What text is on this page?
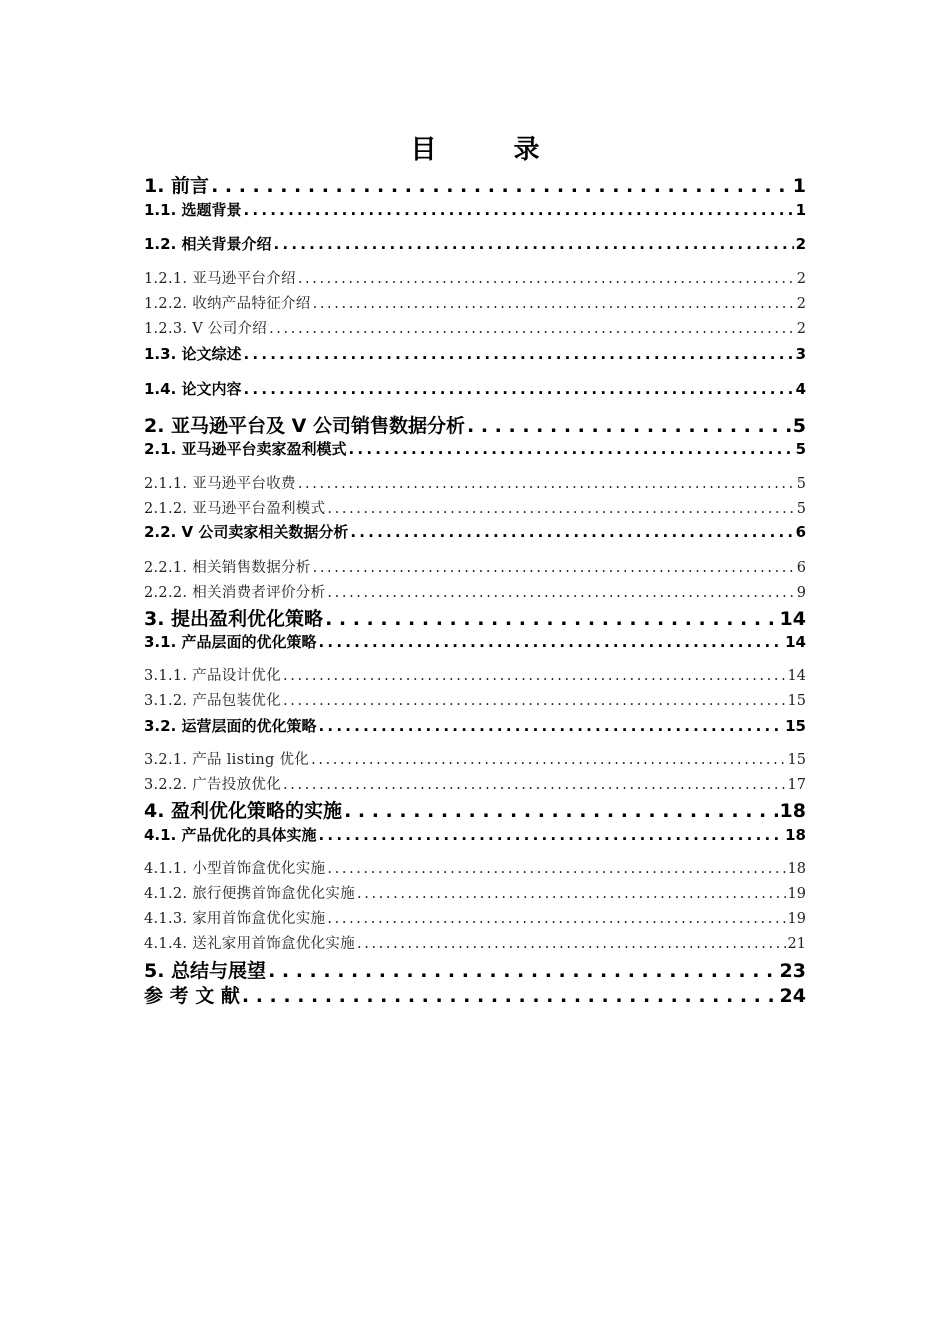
目 录
1. 前言 . . .	1
1.1. 选题背景 . . .	1
1.2. 相关背景介绍 . . .	2
1.2.1. 亚马逊平台介绍 . . .	2
1.2.2. 收纳产品特征介绍 . . .	2
1.2.3. V 公司介绍 . . .	2
1.3. 论文综述 . . .	3
1.4. 论文内容 . . .	4
2. 亚马逊平台及 V 公司销售数据分析 . . .	5
2.1. 亚马逊平台卖家盈利模式 . . .	5
2.1.1. 亚马逊平台收费 . . .	5
2.1.2. 亚马逊平台盈利模式 . . .	5
2.2. V 公司卖家相关数据分析 . . .	6
2.2.1. 相关销售数据分析 . . .	6
2.2.2. 相关消费者评价分析 . . .	9
3. 提出盈利优化策略 . . .	14
3.1. 产品层面的优化策略 . . .	14
3.1.1. 产品设计优化 . . .	14
3.1.2. 产品包装优化 . . .	15
3.2. 运营层面的优化策略 . . .	15
3.2.1. 产品 listing 优化 . . .	15
3.2.2. 广告投放优化 . . .	17
4. 盈利优化策略的实施 . . .	18
4.1. 产品优化的具体实施 . . .	18
4.1.1. 小型首饰盒优化实施 . . .	18
4.1.2. 旅行便携首饰盒优化实施 . . .	19
4.1.3. 家用首饰盒优化实施 . . .	19
4.1.4. 送礼家用首饰盒优化实施 . . .	21
5. 总结与展望 . . .	23
参 考 文 献 . . .	24
